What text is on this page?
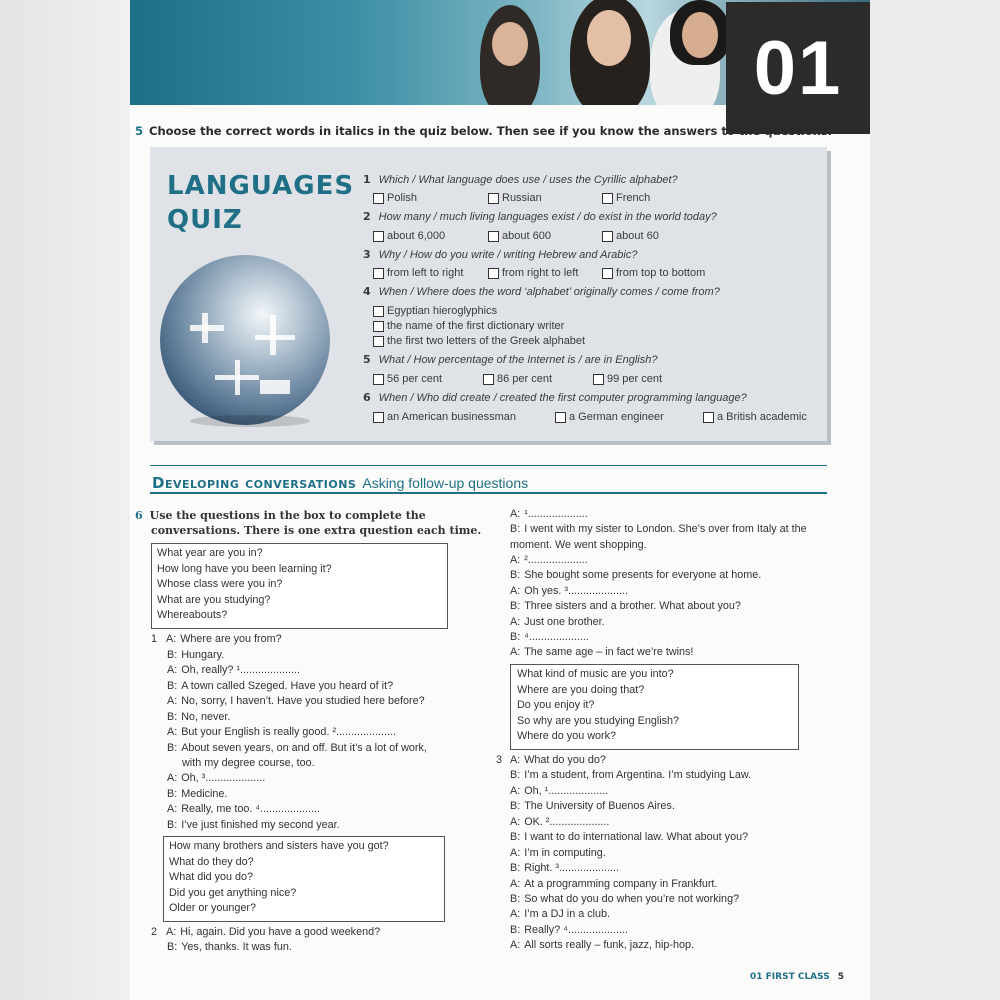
01
5 Choose the correct words in italics in the quiz below. Then see if you know the answers to the questions.
LANGUAGES
QUIZ
1 Which / What language does use / uses the Cyrillic alphabet?
Polish	Russian	French
2 How many / much living languages exist / do exist in the world today?
about 6,000	about 600	about 60
3 Why / How do you write / writing Hebrew and Arabic?
from left to right	from right to left	from top to bottom
4 When / Where does the word ‘alphabet’ originally comes / come from?
Egyptian hieroglyphics
the name of the first dictionary writer
the first two letters of the Greek alphabet
5 What / How percentage of the Internet is / are in English?
56 per cent	86 per cent	99 per cent
6 When / Who did create / created the first computer programming language?
an American businessman	a German engineer	a British academic
Developing conversations Asking follow-up questions
6 Use the questions in the box to complete the
conversations. There is one extra question each time.
What year are you in?
How long have you been learning it?
Whose class were you in?
What are you studying?
Whereabouts?
1 A: Where are you from?
B: Hungary.
A: Oh, really? ¹....................
B: A town called Szeged. Have you heard of it?
A: No, sorry, I haven’t. Have you studied here before?
B: No, never.
A: But your English is really good. ²....................
B: About seven years, on and off. But it’s a lot of work,
with my degree course, too.
A: Oh, ³....................
B: Medicine.
A: Really, me too. ⁴....................
B: I’ve just finished my second year.
How many brothers and sisters have you got?
What do they do?
What did you do?
Did you get anything nice?
Older or younger?
2 A: Hi, again. Did you have a good weekend?
B: Yes, thanks. It was fun.
A: ¹....................
B: I went with my sister to London. She’s over from Italy at the
moment. We went shopping.
A: ²....................
B: She bought some presents for everyone at home.
A: Oh yes. ³....................
B: Three sisters and a brother. What about you?
A: Just one brother.
B: ⁴....................
A: The same age – in fact we’re twins!
What kind of music are you into?
Where are you doing that?
Do you enjoy it?
So why are you studying English?
Where do you work?
3 A: What do you do?
B: I’m a student, from Argentina. I’m studying Law.
A: Oh, ¹....................
B: The University of Buenos Aires.
A: OK. ²....................
B: I want to do international law. What about you?
A: I’m in computing.
B: Right. ³....................
A: At a programming company in Frankfurt.
B: So what do you do when you’re not working?
A: I’m a DJ in a club.
B: Really? ⁴....................
A: All sorts really – funk, jazz, hip-hop.
01 FIRST CLASS 5
